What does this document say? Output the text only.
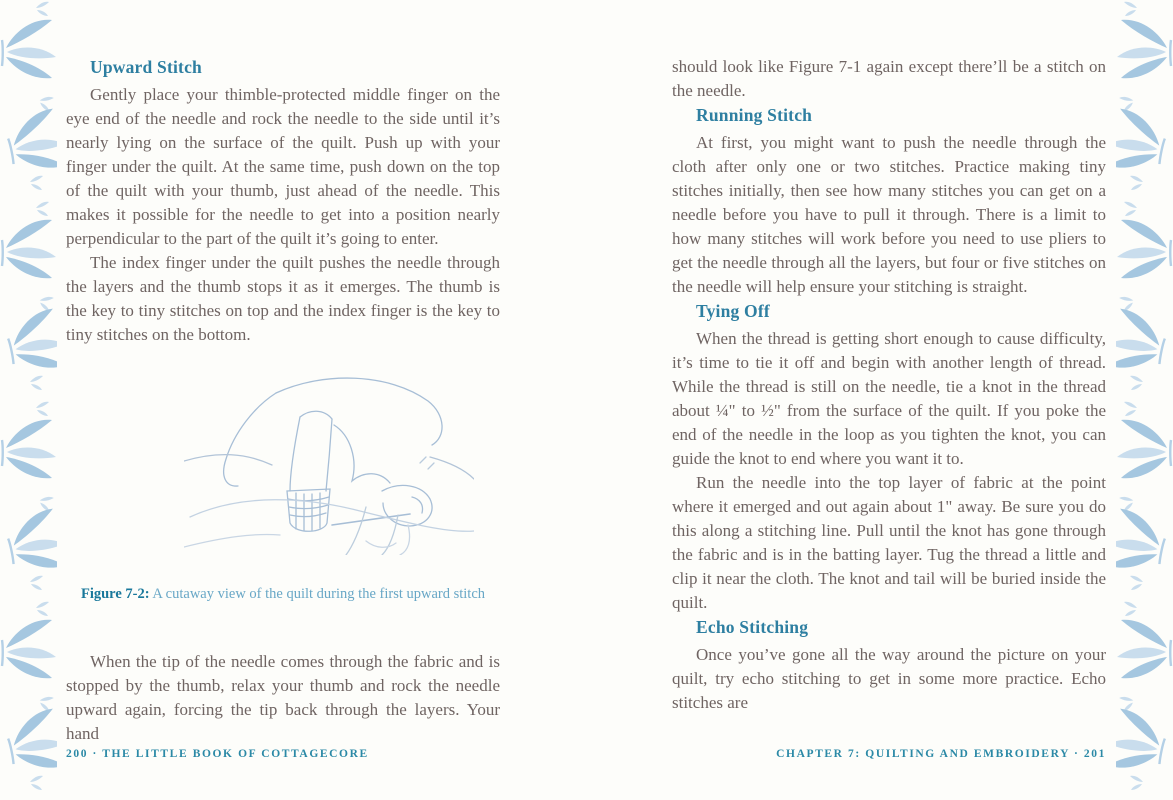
Upward Stitch

Gently place your thimble-protected middle finger on the eye end of the needle and rock the needle to the side until it’s nearly lying on the surface of the quilt. Push up with your finger under the quilt. At the same time, push down on the top of the quilt with your thumb, just ahead of the needle. This makes it possible for the needle to get into a position nearly perpendicular to the part of the quilt it’s going to enter.

The index finger under the quilt pushes the needle through the layers and the thumb stops it as it emerges. The thumb is the key to tiny stitches on top and the index finger is the key to tiny stitches on the bottom.

Figure 7-2: A cutaway view of the quilt during the first upward stitch

When the tip of the needle comes through the fabric and is stopped by the thumb, relax your thumb and rock the needle upward again, forcing the tip back through the layers. Your hand

should look like Figure 7-1 again except there’ll be a stitch on the needle.

Running Stitch

At first, you might want to push the needle through the cloth after only one or two stitches. Practice making tiny stitches initially, then see how many stitches you can get on a needle before you have to pull it through. There is a limit to how many stitches will work before you need to use pliers to get the needle through all the layers, but four or five stitches on the needle will help ensure your stitching is straight.

Tying Off

When the thread is getting short enough to cause difficulty, it’s time to tie it off and begin with another length of thread. While the thread is still on the needle, tie a knot in the thread about ¼" to ½" from the surface of the quilt. If you poke the end of the needle in the loop as you tighten the knot, you can guide the knot to end where you want it to.

Run the needle into the top layer of fabric at the point where it emerged and out again about 1" away. Be sure you do this along a stitching line. Pull until the knot has gone through the fabric and is in the batting layer. Tug the thread a little and clip it near the cloth. The knot and tail will be buried inside the quilt.

Echo Stitching

Once you’ve gone all the way around the picture on your quilt, try echo stitching to get in some more practice. Echo stitches are

200 · THE LITTLE BOOK OF COTTAGECORE	CHAPTER 7: QUILTING AND EMBROIDERY · 201
